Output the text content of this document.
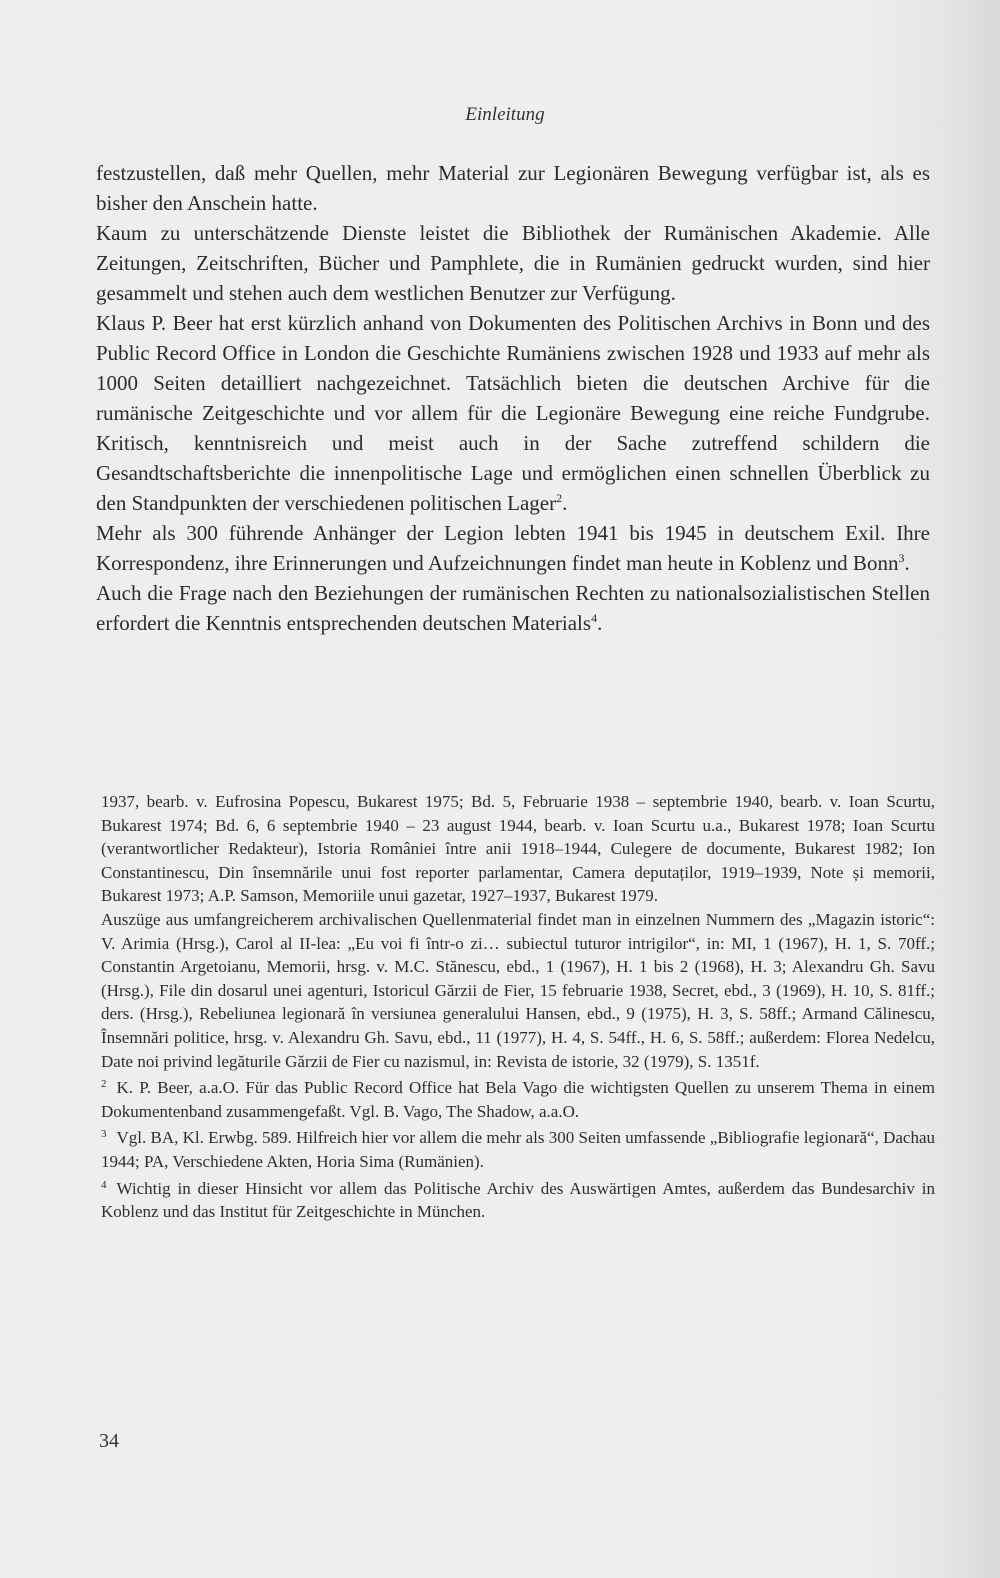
Einleitung

festzustellen, daß mehr Quellen, mehr Material zur Legionären Bewegung verfügbar ist, als es bisher den Anschein hatte.

Kaum zu unterschätzende Dienste leistet die Bibliothek der Rumänischen Akademie. Alle Zeitungen, Zeitschriften, Bücher und Pamphlete, die in Rumänien gedruckt wurden, sind hier gesammelt und stehen auch dem westlichen Benutzer zur Verfügung.

Klaus P. Beer hat erst kürzlich anhand von Dokumenten des Politischen Archivs in Bonn und des Public Record Office in London die Geschichte Rumäniens zwischen 1928 und 1933 auf mehr als 1000 Seiten detailliert nachgezeichnet. Tatsächlich bieten die deutschen Archive für die rumänische Zeitgeschichte und vor allem für die Legionäre Bewegung eine reiche Fundgrube. Kritisch, kenntnisreich und meist auch in der Sache zutreffend schildern die Gesandtschaftsberichte die innenpolitische Lage und ermöglichen einen schnellen Überblick zu den Standpunkten der verschiedenen politischen Lager$^2$.

Mehr als 300 führende Anhänger der Legion lebten 1941 bis 1945 in deutschem Exil. Ihre Korrespondenz, ihre Erinnerungen und Aufzeichnungen findet man heute in Koblenz und Bonn$^3$.

Auch die Frage nach den Beziehungen der rumänischen Rechten zu nationalsozialistischen Stellen erfordert die Kenntnis entsprechenden deutschen Materials$^4$.

1937, bearb. v. Eufrosina Popescu, Bukarest 1975; Bd. 5, Februarie 1938 – septembrie 1940, bearb. v. Ioan Scurtu, Bukarest 1974; Bd. 6, 6 septembrie 1940 – 23 august 1944, bearb. v. Ioan Scurtu u.a., Bukarest 1978; Ioan Scurtu (verantwortlicher Redakteur), Istoria României între anii 1918–1944, Culegere de documente, Bukarest 1982; Ion Constantinescu, Din însemnările unui fost reporter parlamentar, Camera deputaților, 1919–1939, Note și memorii, Bukarest 1973; A.P. Samson, Memoriile unui gazetar, 1927–1937, Bukarest 1979.

Auszüge aus umfangreicherem archivalischen Quellenmaterial findet man in einzelnen Nummern des „Magazin istoric“: V. Arimia (Hrsg.), Carol al II-lea: „Eu voi fi într-o zi… subiectul tuturor intrigilor“, in: MI, 1 (1967), H. 1, S. 70ff.; Constantin Argetoianu, Memorii, hrsg. v. M.C. Stănescu, ebd., 1 (1967), H. 1 bis 2 (1968), H. 3; Alexandru Gh. Savu (Hrsg.), File din dosarul unei agenturi, Istoricul Gărzii de Fier, 15 februarie 1938, Secret, ebd., 3 (1969), H. 10, S. 81ff.; ders. (Hrsg.), Rebeliunea legionară în versiunea generalului Hansen, ebd., 9 (1975), H. 3, S. 58ff.; Armand Călinescu, Însemnări politice, hrsg. v. Alexandru Gh. Savu, ebd., 11 (1977), H. 4, S. 54ff., H. 6, S. 58ff.; außerdem: Florea Nedelcu, Date noi privind legăturile Gărzii de Fier cu nazismul, in: Revista de istorie, 32 (1979), S. 1351f.

$^2$ K. P. Beer, a.a.O. Für das Public Record Office hat Bela Vago die wichtigsten Quellen zu unserem Thema in einem Dokumentenband zusammengefaßt. Vgl. B. Vago, The Shadow, a.a.O.

$^3$ Vgl. BA, Kl. Erwbg. 589. Hilfreich hier vor allem die mehr als 300 Seiten umfassende „Bibliografie legionară“, Dachau 1944; PA, Verschiedene Akten, Horia Sima (Rumänien).

$^4$ Wichtig in dieser Hinsicht vor allem das Politische Archiv des Auswärtigen Amtes, außerdem das Bundesarchiv in Koblenz und das Institut für Zeitgeschichte in München.

34
